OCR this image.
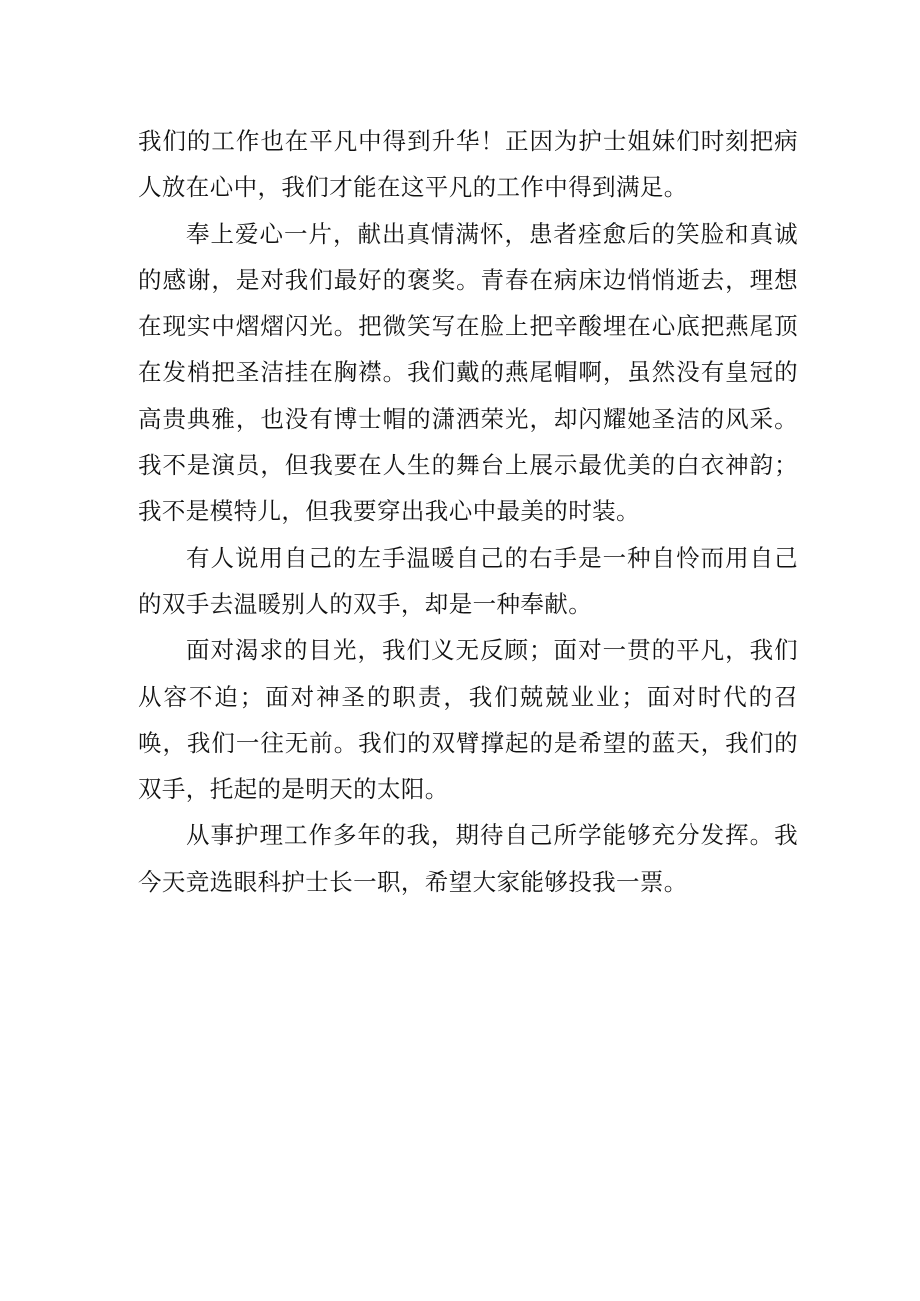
我们的工作也在平凡中得到升华！正因为护士姐妹们时刻把病人放在心中，我们才能在这平凡的工作中得到满足。

奉上爱心一片，献出真情满怀，患者痊愈后的笑脸和真诚的感谢，是对我们最好的褒奖。青春在病床边悄悄逝去，理想在现实中熠熠闪光。把微笑写在脸上把辛酸埋在心底把燕尾顶在发梢把圣洁挂在胸襟。我们戴的燕尾帽啊，虽然没有皇冠的高贵典雅，也没有博士帽的潇洒荣光，却闪耀她圣洁的风采。我不是演员，但我要在人生的舞台上展示最优美的白衣神韵；我不是模特儿，但我要穿出我心中最美的时装。

有人说用自己的左手温暖自己的右手是一种自怜而用自己的双手去温暖别人的双手，却是一种奉献。

面对渴求的目光，我们义无反顾；面对一贯的平凡，我们从容不迫；面对神圣的职责，我们兢兢业业；面对时代的召唤，我们一往无前。我们的双臂撑起的是希望的蓝天，我们的双手，托起的是明天的太阳。

从事护理工作多年的我，期待自己所学能够充分发挥。我今天竞选眼科护士长一职，希望大家能够投我一票。
